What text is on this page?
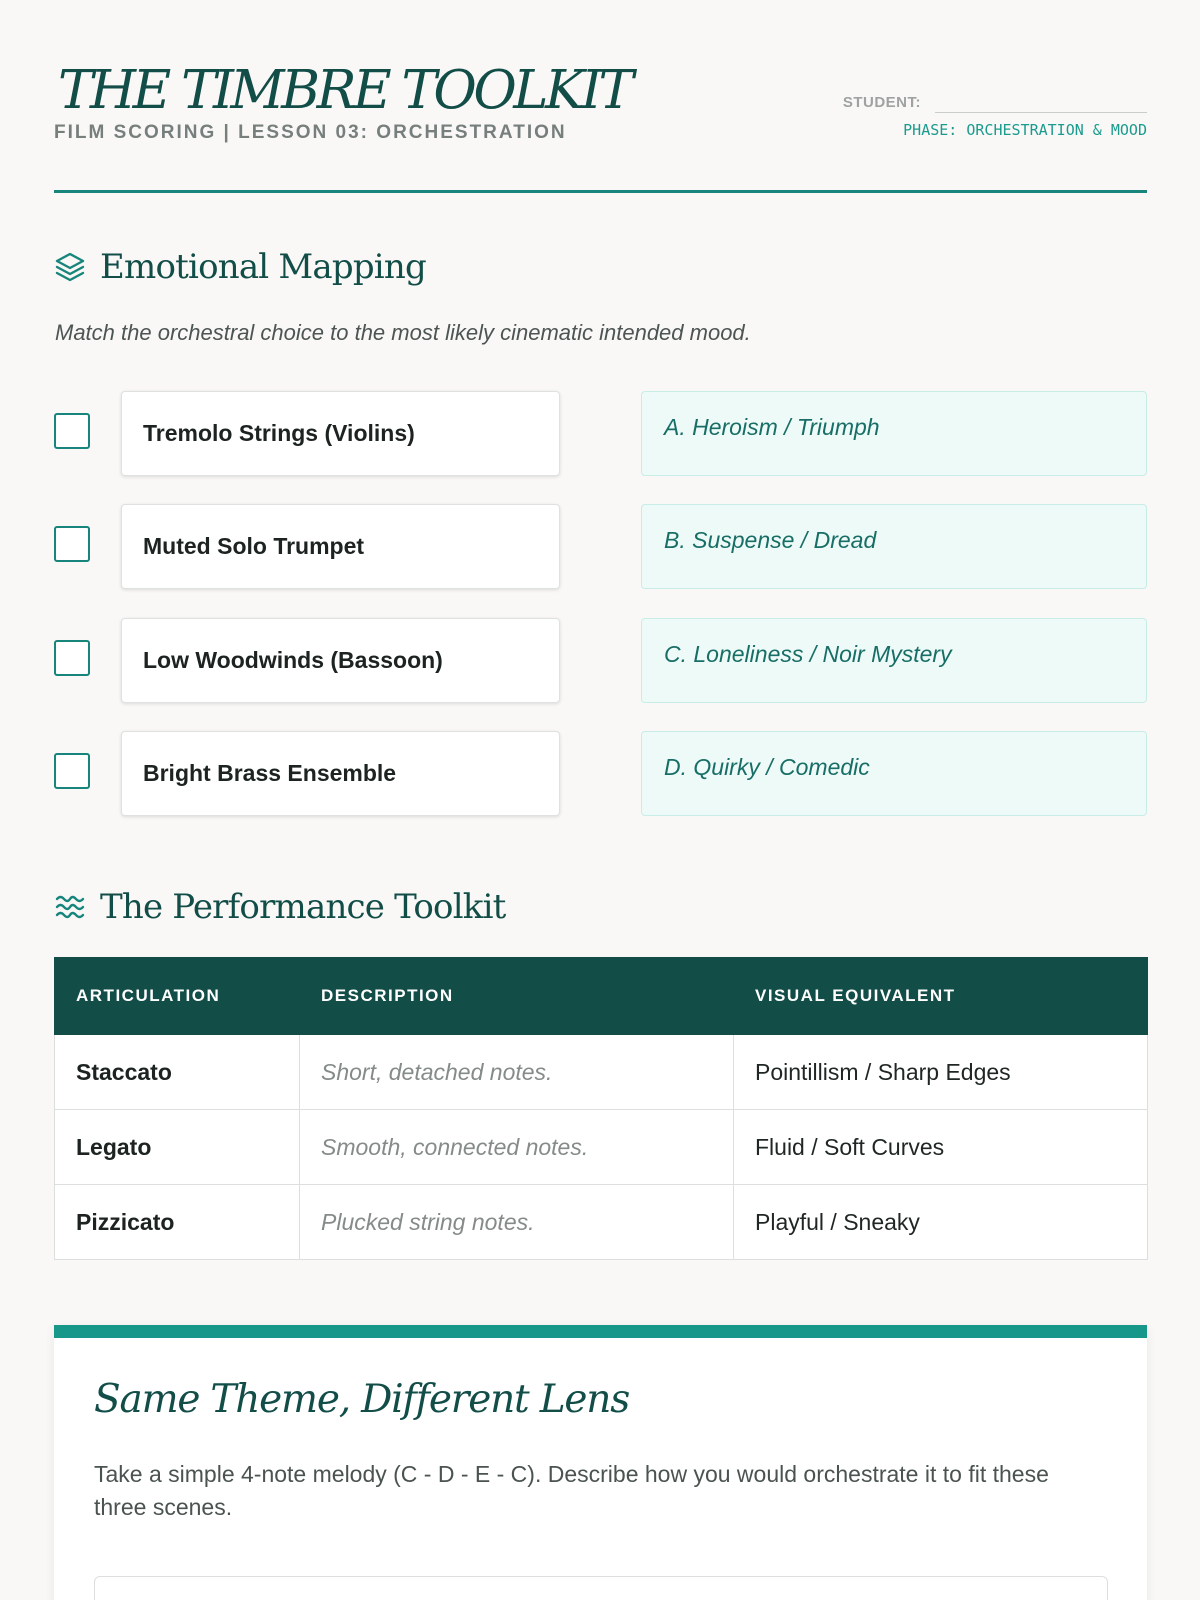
THE TIMBRE TOOLKIT
FILM SCORING | LESSON 03: ORCHESTRATION
STUDENT:
PHASE: ORCHESTRATION & MOOD
Emotional Mapping
Match the orchestral choice to the most likely cinematic intended mood.
Tremolo Strings (Violins)	A. Heroism / Triumph
Muted Solo Trumpet	B. Suspense / Dread
Low Woodwinds (Bassoon)	C. Loneliness / Noir Mystery
Bright Brass Ensemble	D. Quirky / Comedic
The Performance Toolkit
ARTICULATION	DESCRIPTION	VISUAL EQUIVALENT
Staccato	Short, detached notes.	Pointillism / Sharp Edges
Legato	Smooth, connected notes.	Fluid / Soft Curves
Pizzicato	Plucked string notes.	Playful / Sneaky
Same Theme, Different Lens

Take a simple 4-note melody (C - D - E - C). Describe how you would orchestrate it to fit these three scenes.
